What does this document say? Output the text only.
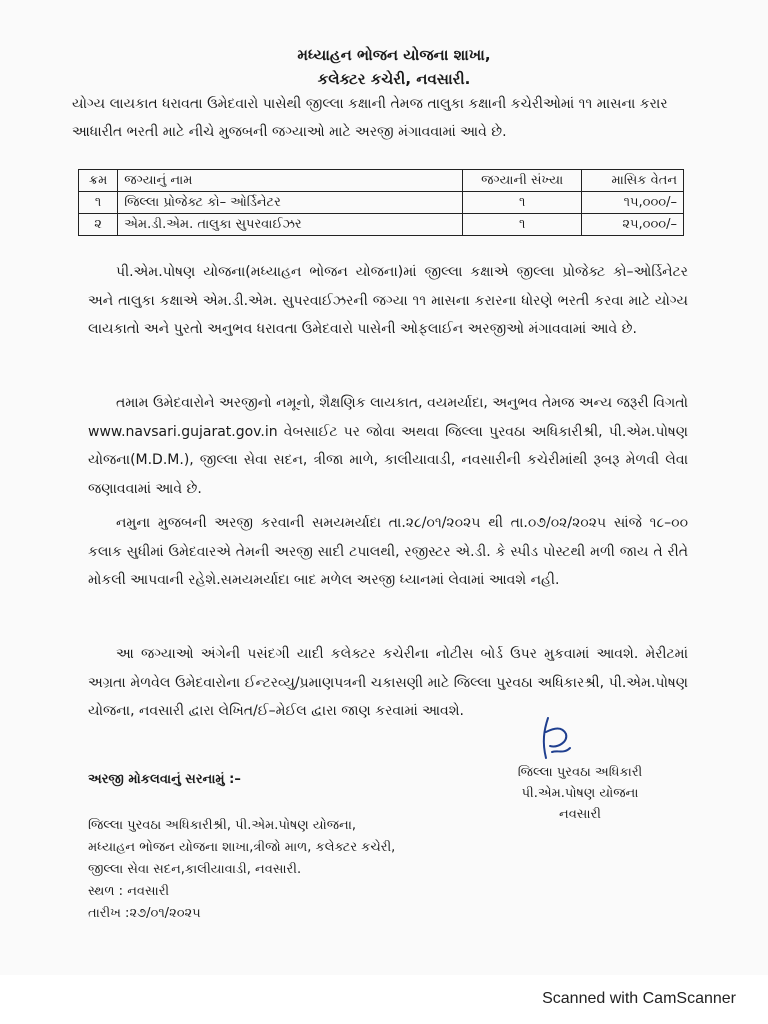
મધ્યાહન ભોજન યોજના શાખા,
કલેક્ટર કચેરી, નવસારી.
યોગ્ય લાયકાત ધરાવતા ઉમેદવારો પાસેથી જીલ્લા કક્ષાની તેમજ તાલુકા કક્ષાની કચેરીઓમાં ૧૧ માસના કરાર આધારીત ભરતી માટે નીચે મુજબની જગ્યાઓ માટે અરજી મંગાવવામાં આવે છે.
ક્રમ	જગ્યાનું નામ	જગ્યાની સંખ્યા	માસિક વેતન
૧	જિલ્લા પ્રોજેક્ટ કો– ઓર્ડિનેટર	૧	૧૫,૦૦૦/–
૨	એમ.ડી.એમ. તાલુકા સુપરવાઈઝર	૧	૨૫,૦૦૦/–
પી.એમ.પોષણ યોજના(મધ્યાહન ભોજન યોજના)માં જીલ્લા કક્ષાએ જીલ્લા પ્રોજેક્ટ કો–ઓર્ડિનેટર અને તાલુકા કક્ષાએ એમ.ડી.એમ. સુપરવાઈઝરની જગ્યા ૧૧ માસના કરારના ધોરણે ભરતી કરવા માટે યોગ્ય લાયકાતો અને પુરતો અનુભવ ધરાવતા ઉમેદવારો પાસેની ઓફલાઈન અરજીઓ મંગાવવામાં આવે છે.
તમામ ઉમેદવારોને અરજીનો નમૂનો, શૈક્ષણિક લાયકાત, વયમર્યાદા, અનુભવ તેમજ અન્ય જરૂરી વિગતો www.navsari.gujarat.gov.in વેબસાઈટ પર જોવા અથવા જિલ્લા પુરવઠા અધિકારીશ્રી, પી.એમ.પોષણ યોજના(M.D.M.), જીલ્લા સેવા સદન, ત્રીજા માળે, કાલીયાવાડી, નવસારીની કચેરીમાંથી રૂબરૂ મેળવી લેવા જણાવવામાં આવે છે.
નમુના મુજબની અરજી કરવાની સમયમર્યાદા તા.૨૮/૦૧/૨૦૨૫ થી તા.૦૭/૦૨/૨૦૨૫ સાંજે ૧૮–૦૦ કલાક સુધીમાં ઉમેદવારએ તેમની અરજી સાદી ટપાલથી, રજીસ્ટર એ.ડી. કે સ્પીડ પોસ્ટથી મળી જાય તે રીતે મોકલી આપવાની રહેશે.સમયમર્યાદા બાદ મળેલ અરજી ધ્યાનમાં લેવામાં આવશે નહી.
આ જગ્યાઓ અંગેની પસંદગી યાદી કલેક્ટર કચેરીના નોટીસ બોર્ડ ઉપર મુકવામાં આવશે. મેરીટમાં અગ્રતા મેળવેલ ઉમેદવારોના ઈન્ટરવ્યુ/પ્રમાણપત્રની ચકાસણી માટે જિલ્લા પુરવઠા અધિકારશ્રી, પી.એમ.પોષણ યોજના, નવસારી દ્વારા લેખિત/ઈ–મેઈલ દ્વારા જાણ કરવામાં આવશે.
જિલ્લા પુરવઠા અધિકારી
પી.એમ.પોષણ યોજના
નવસારી
અરજી મોકલવાનું સરનામું :–
જિલ્લા પુરવઠા અધિકારીશ્રી, પી.એમ.પોષણ યોજના,
મધ્યાહન ભોજન યોજના શાખા,ત્રીજો માળ, કલેક્ટર કચેરી,
જીલ્લા સેવા સદન,કાલીયાવાડી, નવસારી.
સ્થળ : નવસારી
તારીખ :૨૭/૦૧/૨૦૨૫
Scanned with CamScanner
